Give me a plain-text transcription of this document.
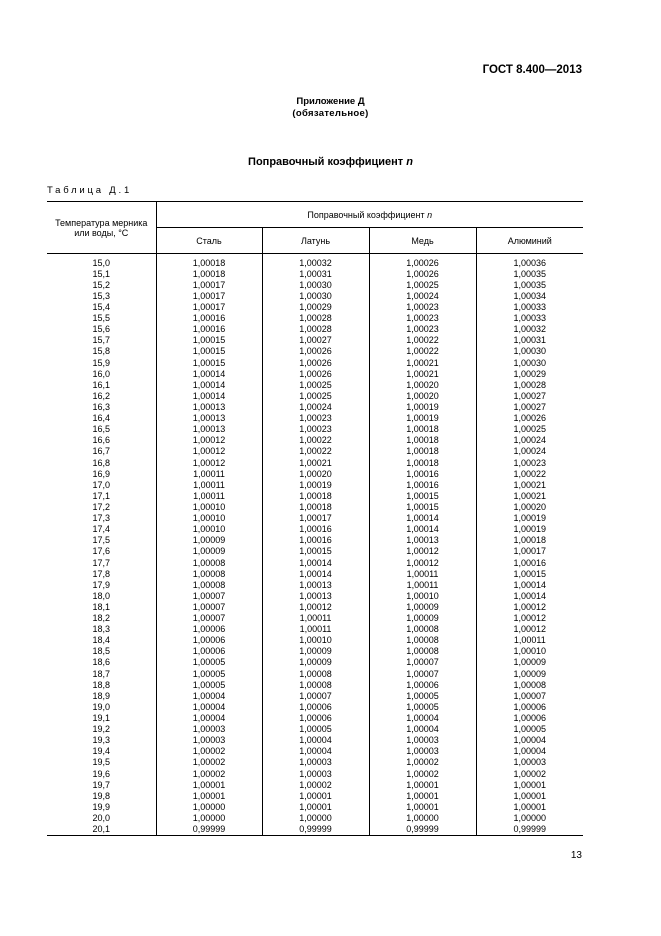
ГОСТ 8.400—2013
Приложение Д
(обязательное)
Поправочный коэффициент n
Таблица Д.1
Температура мерника или воды, °С	Поправочный коэффициент n			
	Сталь	Латунь	Медь	Алюминий
15,0	1,00018	1,00032	1,00026	1,00036
15,1	1,00018	1,00031	1,00026	1,00035
15,2	1,00017	1,00030	1,00025	1,00035
15,3	1,00017	1,00030	1,00024	1,00034
15,4	1,00017	1,00029	1,00023	1,00033
15,5	1,00016	1,00028	1,00023	1,00033
15,6	1,00016	1,00028	1,00023	1,00032
15,7	1,00015	1,00027	1,00022	1,00031
15,8	1,00015	1,00026	1,00022	1,00030
15,9	1,00015	1,00026	1,00021	1,00030
16,0	1,00014	1,00026	1,00021	1,00029
16,1	1,00014	1,00025	1,00020	1,00028
16,2	1,00014	1,00025	1,00020	1,00027
16,3	1,00013	1,00024	1,00019	1,00027
16,4	1,00013	1,00023	1,00019	1,00026
16,5	1,00013	1,00023	1,00018	1,00025
16,6	1,00012	1,00022	1,00018	1,00024
16,7	1,00012	1,00022	1,00018	1,00024
16,8	1,00012	1,00021	1,00018	1,00023
16,9	1,00011	1,00020	1,00016	1,00022
17,0	1,00011	1,00019	1,00016	1,00021
17,1	1,00011	1,00018	1,00015	1,00021
17,2	1,00010	1,00018	1,00015	1,00020
17,3	1,00010	1,00017	1,00014	1,00019
17,4	1,00010	1,00016	1,00014	1,00019
17,5	1,00009	1,00016	1,00013	1,00018
17,6	1,00009	1,00015	1,00012	1,00017
17,7	1,00008	1,00014	1,00012	1,00016
17,8	1,00008	1,00014	1,00011	1,00015
17,9	1,00008	1,00013	1,00011	1,00014
18,0	1,00007	1,00013	1,00010	1,00014
18,1	1,00007	1,00012	1,00009	1,00012
18,2	1,00007	1,00011	1,00009	1,00012
18,3	1,00006	1,00011	1,00008	1,00012
18,4	1,00006	1,00010	1,00008	1,00011
18,5	1,00006	1,00009	1,00008	1,00010
18,6	1,00005	1,00009	1,00007	1,00009
18,7	1,00005	1,00008	1,00007	1,00009
18,8	1,00005	1,00008	1,00006	1,00008
18,9	1,00004	1,00007	1,00005	1,00007
19,0	1,00004	1,00006	1,00005	1,00006
19,1	1,00004	1,00006	1,00004	1,00006
19,2	1,00003	1,00005	1,00004	1,00005
19,3	1,00003	1,00004	1,00003	1,00004
19,4	1,00002	1,00004	1,00003	1,00004
19,5	1,00002	1,00003	1,00002	1,00003
19,6	1,00002	1,00003	1,00002	1,00002
19,7	1,00001	1,00002	1,00001	1,00001
19,8	1,00001	1,00001	1,00001	1,00001
19,9	1,00000	1,00001	1,00001	1,00001
20,0	1,00000	1,00000	1,00000	1,00000
20,1	0,99999	0,99999	0,99999	0,99999
13
